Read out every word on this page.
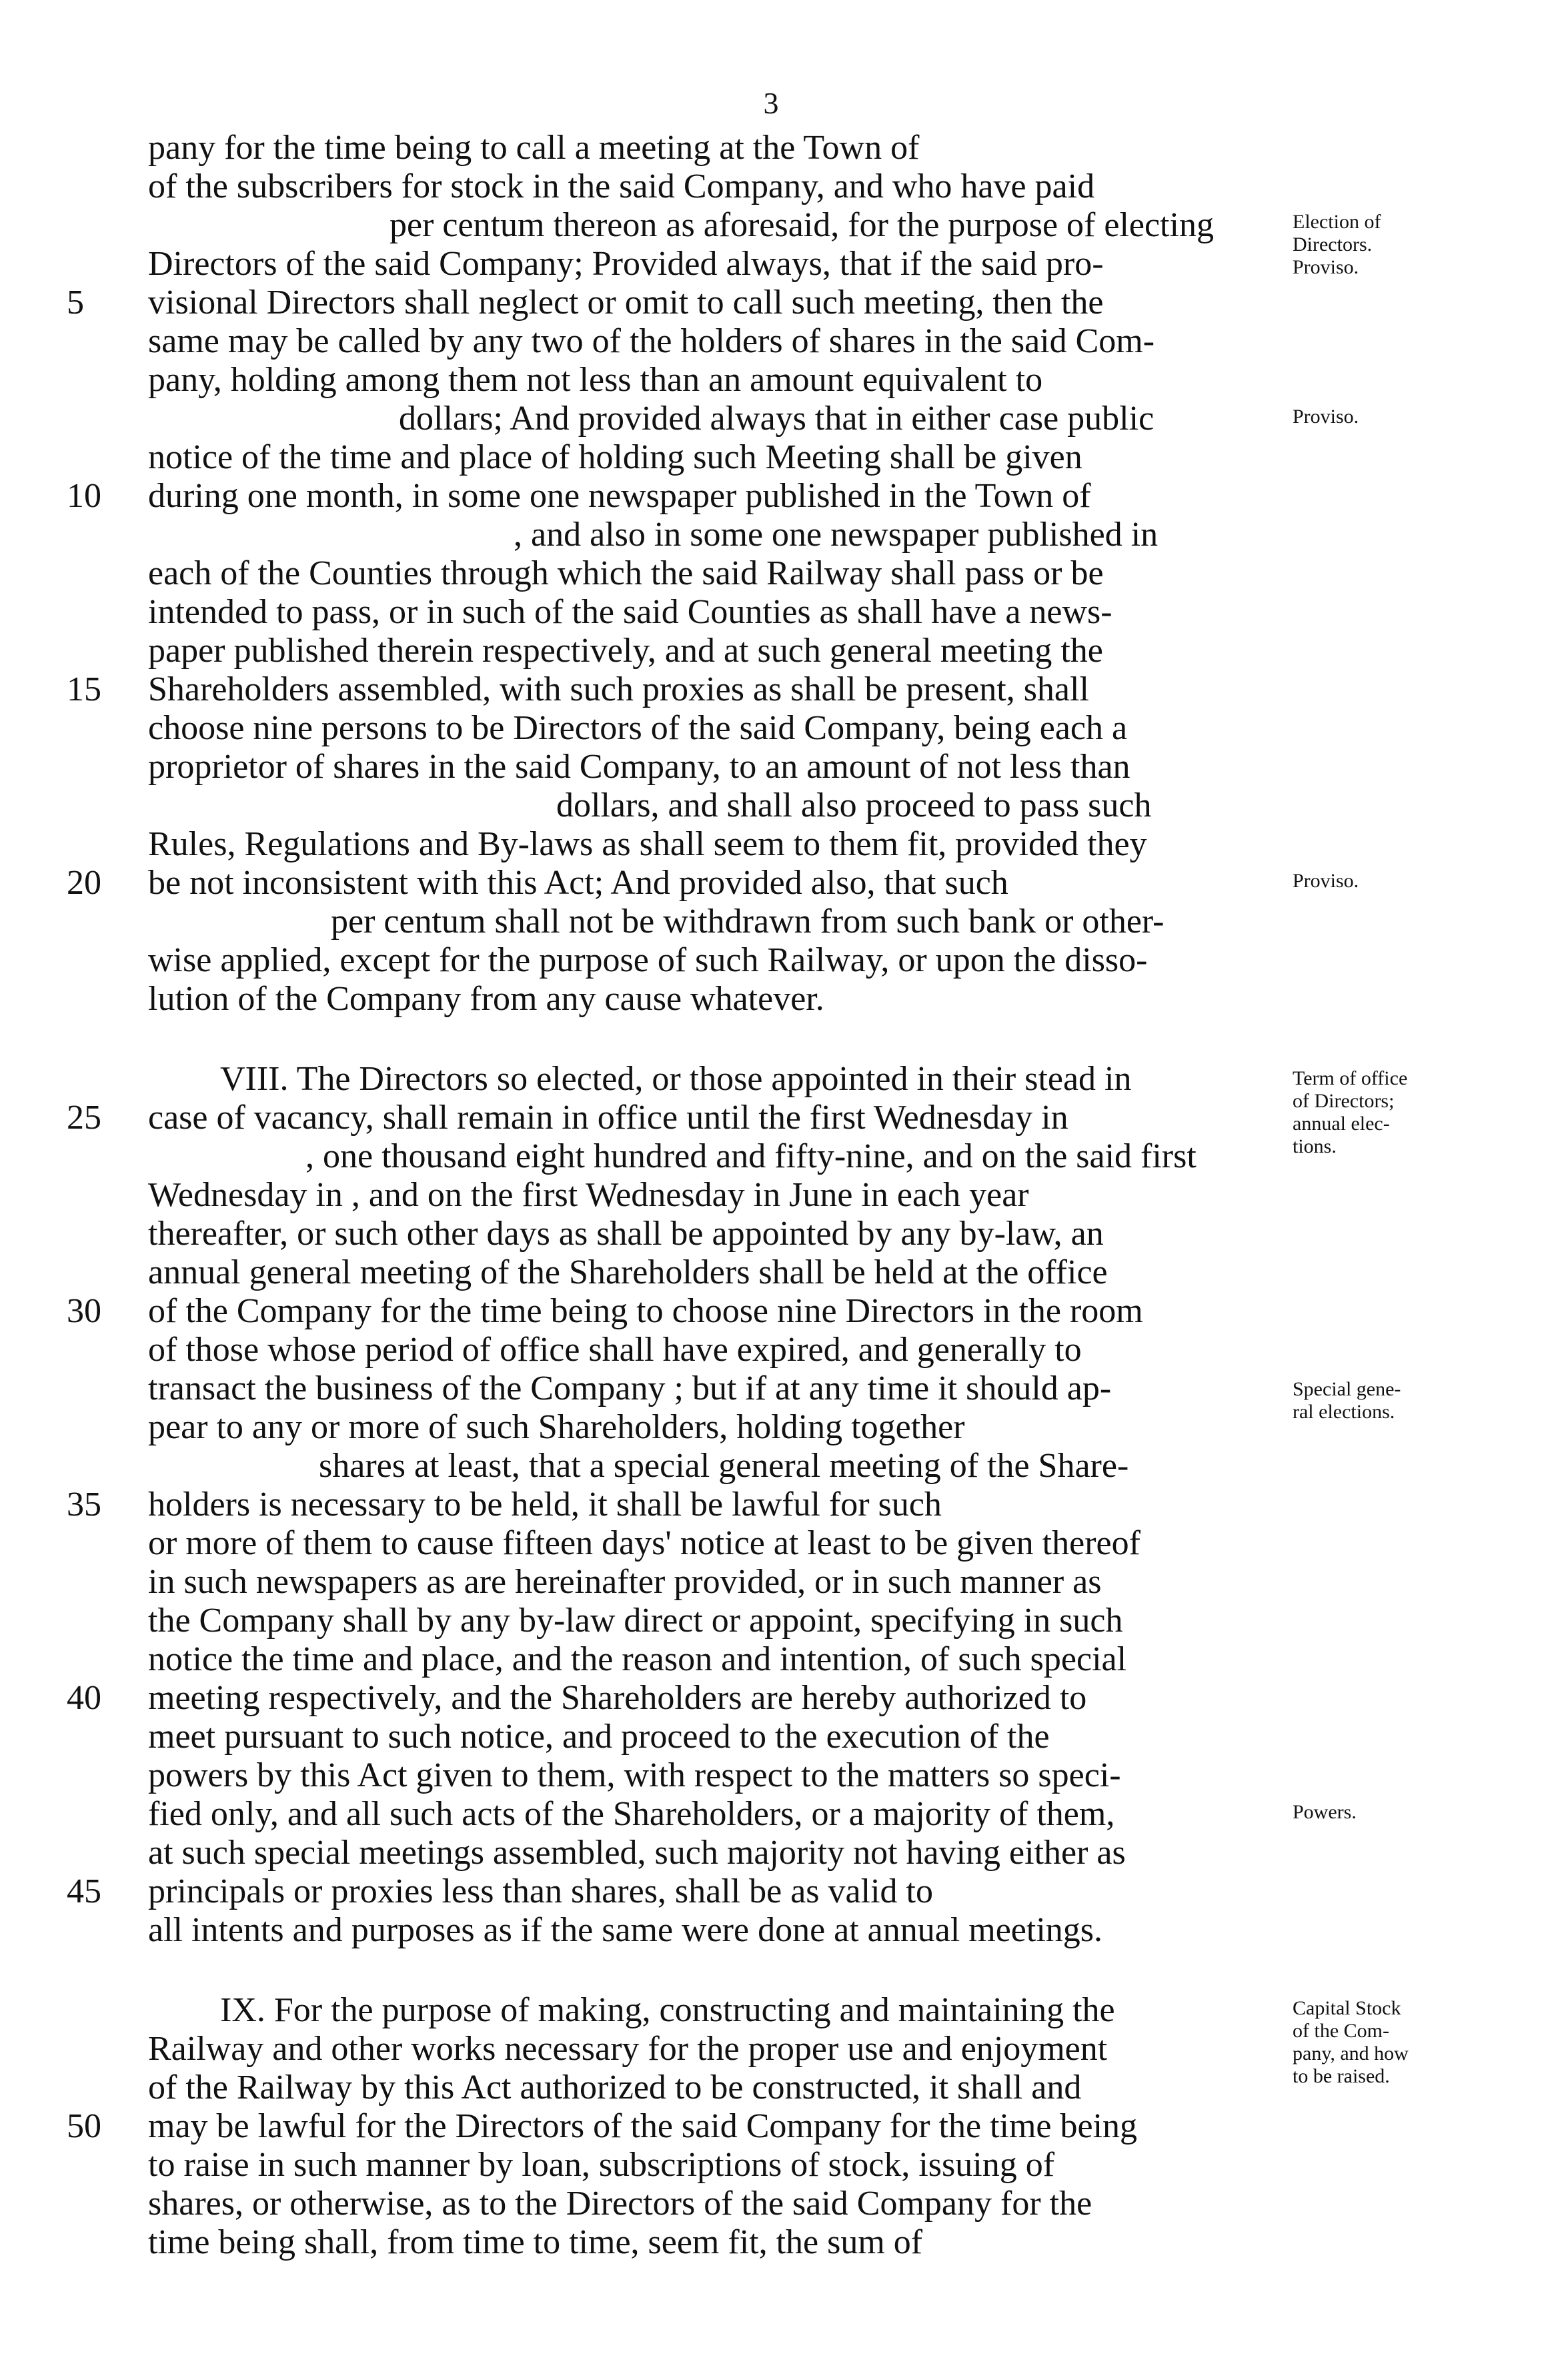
3
pany for the time being to call a meeting at the Town of
of the subscribers for stock in the said Company, and who have paid
per centum thereon as aforesaid, for the purpose of electing
Directors of the said Company; Provided always, that if the said pro-
visional Directors shall neglect or omit to call such meeting, then the
same may be called by any two of the holders of shares in the said Com-
pany, holding among them not less than an amount equivalent to
dollars; And provided always that in either case public
notice of the time and place of holding such Meeting shall be given
during one month, in some one newspaper published in the Town of
, and also in some one newspaper published in
each of the Counties through which the said Railway shall pass or be
intended to pass, or in such of the said Counties as shall have a news-
paper published therein respectively, and at such general meeting the
Shareholders assembled, with such proxies as shall be present, shall
choose nine persons to be Directors of the said Company, being each a
proprietor of shares in the said Company, to an amount of not less than
dollars, and shall also proceed to pass such
Rules, Regulations and By-laws as shall seem to them fit, provided they
be not inconsistent with this Act; And provided also, that such
per centum shall not be withdrawn from such bank or other-
wise applied, except for the purpose of such Railway, or upon the disso-
lution of the Company from any cause whatever.
VIII. The Directors so elected, or those appointed in their stead in
case of vacancy, shall remain in office until the first Wednesday in
, one thousand eight hundred and fifty-nine, and on the said first
Wednesday in , and on the first Wednesday in June in each year
thereafter, or such other days as shall be appointed by any by-law, an
annual general meeting of the Shareholders shall be held at the office
of the Company for the time being to choose nine Directors in the room
of those whose period of office shall have expired, and generally to
transact the business of the Company ; but if at any time it should ap-
pear to any or more of such Shareholders, holding together
shares at least, that a special general meeting of the Share-
holders is necessary to be held, it shall be lawful for such
or more of them to cause fifteen days' notice at least to be given thereof
in such newspapers as are hereinafter provided, or in such manner as
the Company shall by any by-law direct or appoint, specifying in such
notice the time and place, and the reason and intention, of such special
meeting respectively, and the Shareholders are hereby authorized to
meet pursuant to such notice, and proceed to the execution of the
powers by this Act given to them, with respect to the matters so speci-
fied only, and all such acts of the Shareholders, or a majority of them,
at such special meetings assembled, such majority not having either as
principals or proxies less than shares, shall be as valid to
all intents and purposes as if the same were done at annual meetings.
IX. For the purpose of making, constructing and maintaining the
Railway and other works necessary for the proper use and enjoyment
of the Railway by this Act authorized to be constructed, it shall and
may be lawful for the Directors of the said Company for the time being
to raise in such manner by loan, subscriptions of stock, issuing of
shares, or otherwise, as to the Directors of the said Company for the
time being shall, from time to time, seem fit, the sum of
5
10
15
20
25
30
35
40
45
50
Election of
Directors.
Proviso.
Proviso.
Proviso.
Term of office
of Directors;
annual elec-
tions.
Special gene-
ral elections.
Powers.
Capital Stock
of the Com-
pany, and how
to be raised.
